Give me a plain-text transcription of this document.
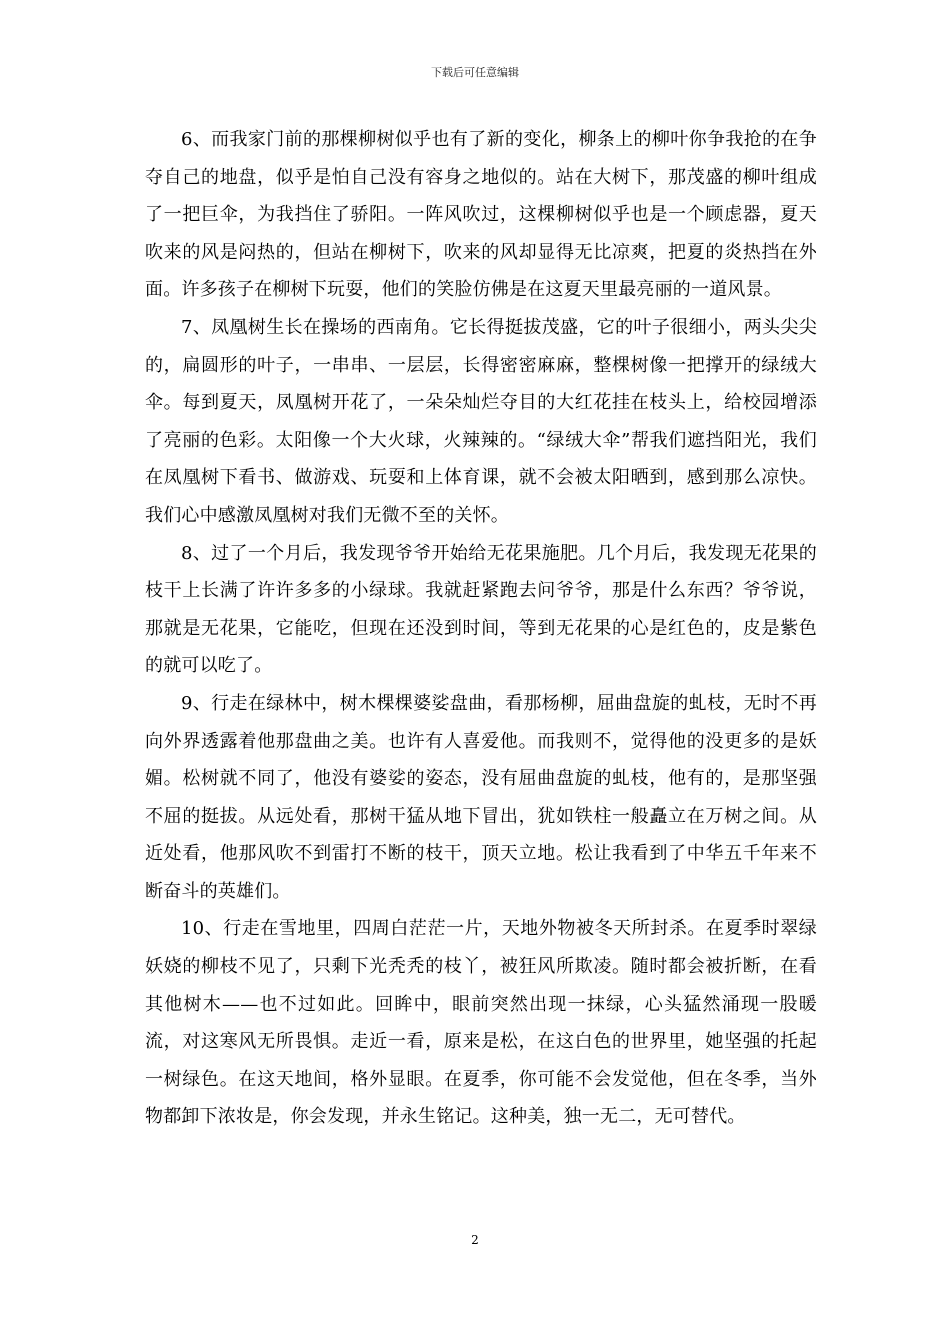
下载后可任意编辑

6、而我家门前的那棵柳树似乎也有了新的变化，柳条上的柳叶你争我抢的在争夺自己的地盘，似乎是怕自己没有容身之地似的。站在大树下，那茂盛的柳叶组成了一把巨伞，为我挡住了骄阳。一阵风吹过，这棵柳树似乎也是一个顾虑器，夏天吹来的风是闷热的，但站在柳树下，吹来的风却显得无比凉爽，把夏的炎热挡在外面。许多孩子在柳树下玩耍，他们的笑脸仿佛是在这夏天里最亮丽的一道风景。

7、凤凰树生长在操场的西南角。它长得挺拔茂盛，它的叶子很细小，两头尖尖的，扁圆形的叶子，一串串、一层层，长得密密麻麻，整棵树像一把撑开的绿绒大伞。每到夏天，凤凰树开花了，一朵朵灿烂夺目的大红花挂在枝头上，给校园增添了亮丽的色彩。太阳像一个大火球，火辣辣的。“绿绒大伞”帮我们遮挡阳光，我们在凤凰树下看书、做游戏、玩耍和上体育课，就不会被太阳晒到，感到那么凉快。我们心中感激凤凰树对我们无微不至的关怀。

8、过了一个月后，我发现爷爷开始给无花果施肥。几个月后，我发现无花果的枝干上长满了许许多多的小绿球。我就赶紧跑去问爷爷，那是什么东西？爷爷说，那就是无花果，它能吃，但现在还没到时间，等到无花果的心是红色的，皮是紫色的就可以吃了。

9、行走在绿林中，树木棵棵婆娑盘曲，看那杨柳，屈曲盘旋的虬枝，无时不再向外界透露着他那盘曲之美。也许有人喜爱他。而我则不，觉得他的没更多的是妖媚。松树就不同了，他没有婆娑的姿态，没有屈曲盘旋的虬枝，他有的，是那坚强不屈的挺拔。从远处看，那树干猛从地下冒出，犹如铁柱一般矗立在万树之间。从近处看，他那风吹不到雷打不断的枝干，顶天立地。松让我看到了中华五千年来不断奋斗的英雄们。

10、行走在雪地里，四周白茫茫一片，天地外物被冬天所封杀。在夏季时翠绿妖娆的柳枝不见了，只剩下光秃秃的枝丫，被狂风所欺凌。随时都会被折断，在看其他树木——也不过如此。回眸中，眼前突然出现一抹绿，心头猛然涌现一股暖流，对这寒风无所畏惧。走近一看，原来是松，在这白色的世界里，她坚强的托起一树绿色。在这天地间，格外显眼。在夏季，你可能不会发觉他，但在冬季，当外物都卸下浓妆是，你会发现，并永生铭记。这种美，独一无二，无可替代。

2
